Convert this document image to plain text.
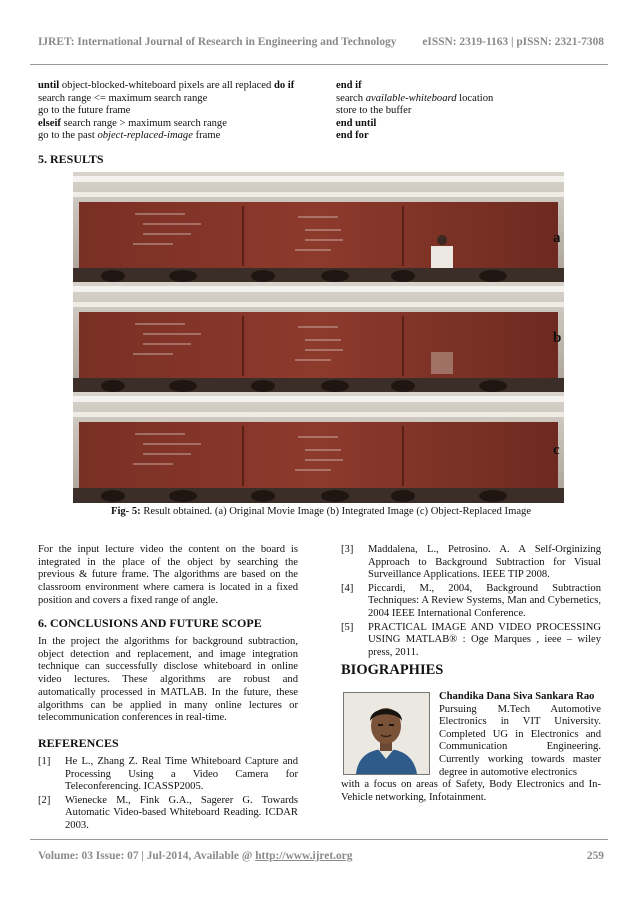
IJRET: International Journal of Research in Engineering and Technology eISSN: 2319-1163 | pISSN: 2321-7308
until object-blocked-whiteboard pixels are all replaced do if
search range <= maximum search range
go to the future frame
elseif search range > maximum search range
go to the past object-replaced-image frame
end if
search available-whiteboard location
store to the buffer
end until
end for
5. RESULTS
a
b
c
Fig- 5: Result obtained. (a) Original Movie Image (b) Integrated Image (c) Object-Replaced Image

For the input lecture video the content on the board is integrated in the place of the object by searching the previous & future frame. The algorithms are based on the classroom environment where camera is located in a fixed position and covers a fixed range of angle.

6. CONCLUSIONS AND FUTURE SCOPE

In the project the algorithms for background subtraction, object detection and replacement, and image integration technique can successfully disclose whiteboard in online video lectures. These algorithms are robust and automatically processed in MATLAB. In the future, these algorithms can be applied in many online lectures or telecommunication conferences in real-time.

REFERENCES
[1]	He L., Zhang Z. Real Time Whiteboard Capture and Processing Using a Video Camera for Teleconferencing. ICASSP2005.
[2]	Wienecke M., Fink G.A., Sagerer G. Towards Automatic Video-based Whiteboard Reading. ICDAR 2003.
[3]	Maddalena, L., Petrosino. A. A Self-Orginizing Approach to Background Subtraction for Visual Surveillance Applications. IEEE TIP 2008.
[4]	Piccardi, M., 2004, Background Subtraction Techniques: A Review Systems, Man and Cybernetics, 2004 IEEE International Conference.
[5]	PRACTICAL IMAGE AND VIDEO PROCESSING USING MATLAB® : Oge Marques , ieee – wiley press, 2011.
BIOGRAPHIES
Chandika Dana Siva Sankara Rao
Pursuing M.Tech Automotive Electronics in VIT University. Completed UG in Electronics and Communication Engineering. Currently working towards master degree in automotive electronics
with a focus on areas of Safety, Body Electronics and In-Vehicle networking, Infotainment.
Volume: 03 Issue: 07 | Jul-2014, Available @ http://www.ijret.org	259
